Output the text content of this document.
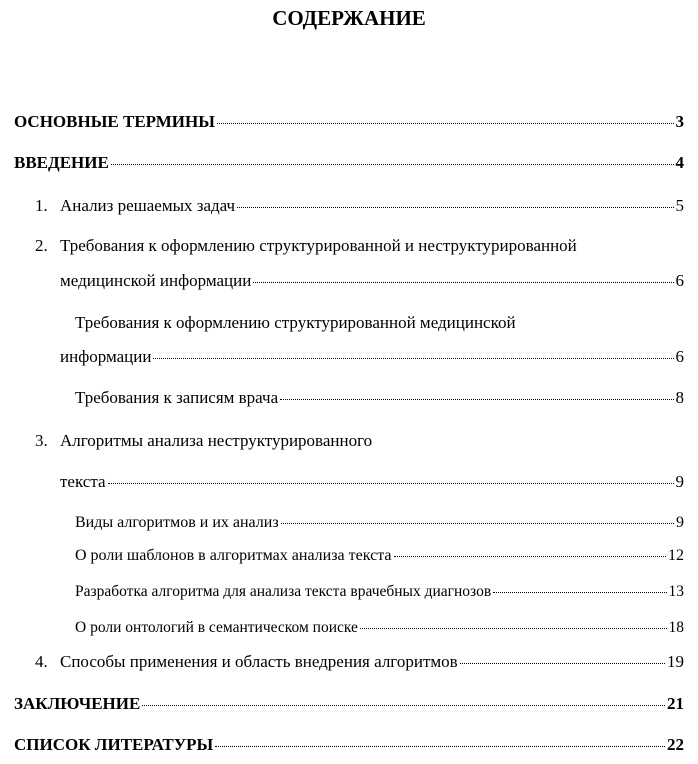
СОДЕРЖАНИЕ
ОСНОВНЫЕ ТЕРМИНЫ	3
ВВЕДЕНИЕ	4
1. Анализ решаемых задач	5
2. Требования к оформлению структурированной и неструктурированной
медицинской информации	6
Требования к оформлению структурированной медицинской
информации	6
Требования к записям врача	8
3. Алгоритмы анализа неструктурированного
текста	9
Виды алгоритмов и их анализ	9
О роли шаблонов в алгоритмах анализа текста	12
Разработка алгоритма для анализа текста врачебных диагнозов	13
О роли онтологий в семантическом поиске	18
4. Способы применения и область внедрения алгоритмов	19
ЗАКЛЮЧЕНИЕ	21
СПИСОК ЛИТЕРАТУРЫ	22
